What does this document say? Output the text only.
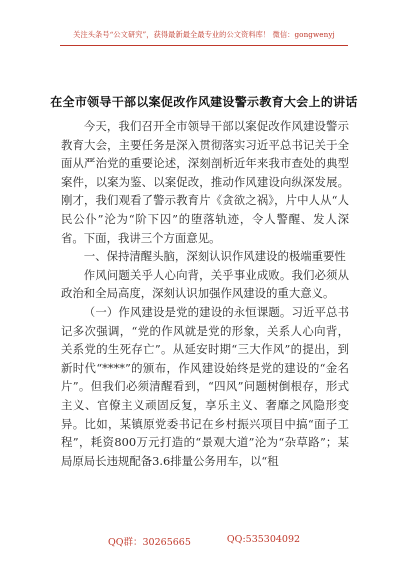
关注头条号“公文研究”，获得最新最全最专业的公文资料库！ 微信：gongwenyj
在全市领导干部以案促改作风建设警示教育大会上的讲话

今天，我们召开全市领导干部以案促改作风建设警示教育大会，主要任务是深入贯彻落实习近平总书记关于全面从严治党的重要论述，深刻剖析近年来我市查处的典型案件，以案为鉴、以案促改，推动作风建设向纵深发展。刚才，我们观看了警示教育片《贪欲之祸》，片中人从“人民公仆”沦为“阶下囚”的堕落轨迹，令人警醒、发人深省。下面，我讲三个方面意见。

一、保持清醒头脑，深刻认识作风建设的极端重要性

作风问题关乎人心向背，关乎事业成败。我们必须从政治和全局高度，深刻认识加强作风建设的重大意义。

（一）作风建设是党的建设的永恒课题。习近平总书记多次强调，“党的作风就是党的形象，关系人心向背，关系党的生死存亡”。从延安时期“三大作风”的提出，到新时代“****”的颁布，作风建设始终是党的建设的“金名片”。但我们必须清醒看到，“四风”问题树倒根存，形式主义、官僚主义顽固反复，享乐主义、奢靡之风隐形变异。比如，某镇原党委书记在乡村振兴项目中搞“面子工程”，耗资800万元打造的“景观大道”沦为“杂草路”；某局原局长违规配备3.6排量公务用车，以“租

QQ群：30265665	QQ:535304092
